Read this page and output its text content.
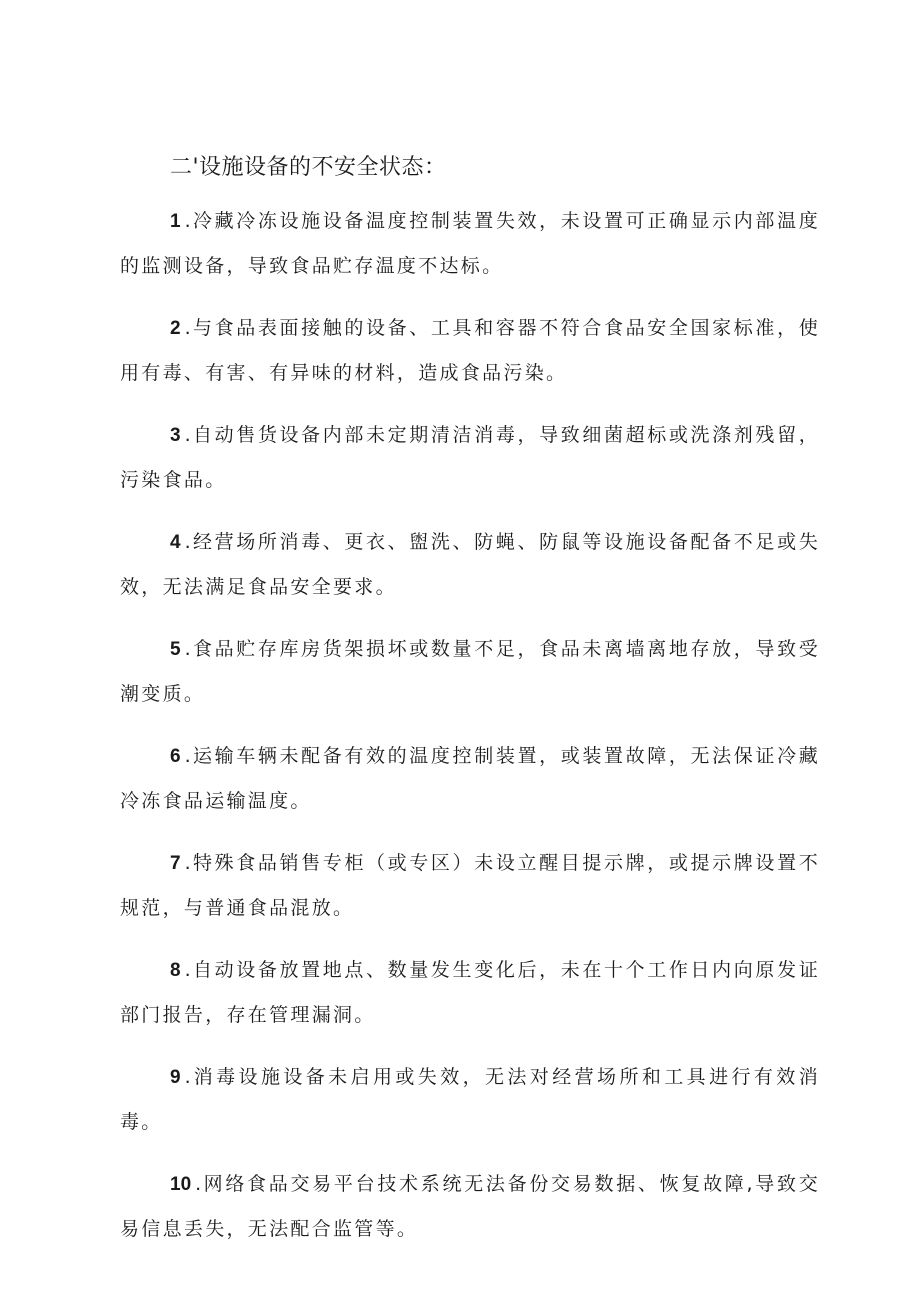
二'设施设备的不安全状态：

1 . 冷藏冷冻设施设备温度控制装置失效，未设置可正确显示内部温度的监测设备，导致食品贮存温度不达标。

2 . 与食品表面接触的设备、工具和容器不符合食品安全国家标准，使用有毒、有害、有异味的材料，造成食品污染。

3 . 自动售货设备内部未定期清洁消毒，导致细菌超标或洗涤剂残留，污染食品。

4 . 经营场所消毒、更衣、盥洗、防蝇、防鼠等设施设备配备不足或失效，无法满足食品安全要求。

5 . 食品贮存库房货架损坏或数量不足，食品未离墙离地存放，导致受潮变质。

6 . 运输车辆未配备有效的温度控制装置，或装置故障，无法保证冷藏冷冻食品运输温度。

7 . 特殊食品销售专柜（或专区）未设立醒目提示牌，或提示牌设置不规范，与普通食品混放。

8 . 自动设备放置地点、数量发生变化后，未在十个工作日内向原发证部门报告，存在管理漏洞。

9 . 消毒设施设备未启用或失效，无法对经营场所和工具进行有效消毒。

10 . 网络食品交易平台技术系统无法备份交易数据、恢复故障,导致交易信息丢失，无法配合监管等。
